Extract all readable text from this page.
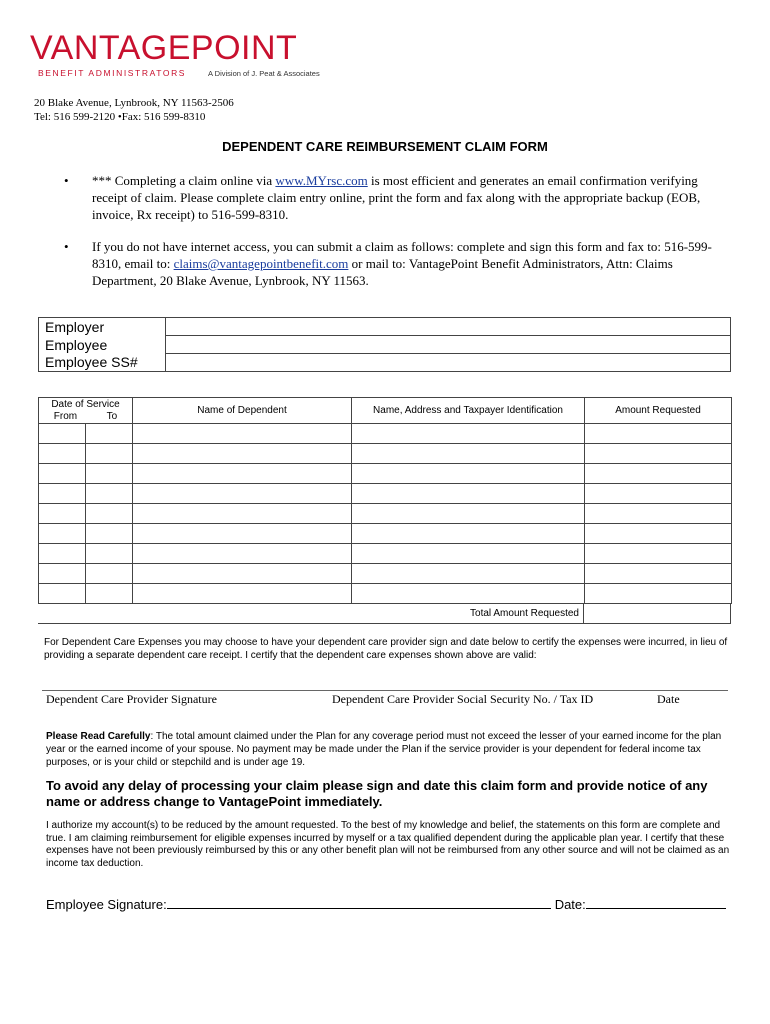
VANTAGEPOINT
BENEFIT ADMINISTRATORS	A Division of J. Peat & Associates
20 Blake Avenue, Lynbrook, NY 11563-2506
Tel: 516 599-2120 •Fax: 516 599-8310
DEPENDENT CARE REIMBURSEMENT CLAIM FORM
• *** Completing a claim online via www.MYrsc.com is most efficient and generates an email confirmation verifying receipt of claim. Please complete claim entry online, print the form and fax along with the appropriate backup (EOB, invoice, Rx receipt) to 516-599-8310.
• If you do not have internet access, you can submit a claim as follows: complete and sign this form and fax to: 516-599-8310, email to: claims@vantagepointbenefit.com or mail to: VantagePoint Benefit Administrators, Attn: Claims Department, 20 Blake Avenue, Lynbrook, NY 11563.
Employer	
Employee	
Employee SS#	
Date of Service
From To		Name of Dependent	Name, Address and Taxpayer Identification	Amount Requested

Total Amount Requested
For Dependent Care Expenses you may choose to have your dependent care provider sign and date below to certify the expenses were incurred, in lieu of providing a separate dependent care receipt. I certify that the dependent care expenses shown above are valid:
Dependent Care Provider Signature	Dependent Care Provider Social Security No. / Tax ID	Date
Please Read Carefully: The total amount claimed under the Plan for any coverage period must not exceed the lesser of your earned income for the plan year or the earned income of your spouse. No payment may be made under the Plan if the service provider is your dependent for federal income tax purposes, or is your child or stepchild and is under age 19.
To avoid any delay of processing your claim please sign and date this claim form and provide notice of any name or address change to VantagePoint immediately.
I authorize my account(s) to be reduced by the amount requested. To the best of my knowledge and belief, the statements on this form are complete and true. I am claiming reimbursement for eligible expenses incurred by myself or a tax qualified dependent during the applicable plan year. I certify that these expenses have not been previously reimbursed by this or any other benefit plan will not be reimbursed from any other source and will not be claimed as an income tax deduction.
Employee Signature:	Date:
